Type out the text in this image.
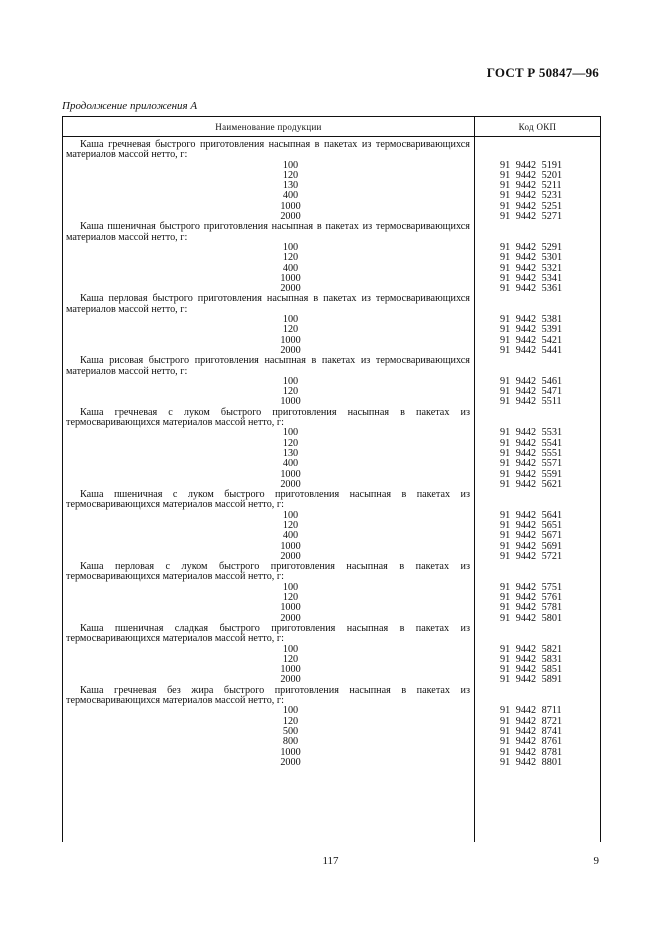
ГОСТ Р 50847—96
Продолжение приложения А
Наименование продукции	Код ОКП
Каша гречневая быстрого приготовления насыпная в пакетах из термосваривающихся материалов массой нетто, г:
100	91 9442 5191
120	91 9442 5201
130	91 9442 5211
400	91 9442 5231
1000	91 9442 5251
2000	91 9442 5271
Каша пшеничная быстрого приготовления насыпная в пакетах из термосваривающихся материалов массой нетто, г:
100	91 9442 5291
120	91 9442 5301
400	91 9442 5321
1000	91 9442 5341
2000	91 9442 5361
Каша перловая быстрого приготовления насыпная в пакетах из термосваривающихся материалов массой нетто, г:
100	91 9442 5381
120	91 9442 5391
1000	91 9442 5421
2000	91 9442 5441
Каша рисовая быстрого приготовления насыпная в пакетах из термосваривающихся материалов массой нетто, г:
100	91 9442 5461
120	91 9442 5471
1000	91 9442 5511
Каша гречневая с луком быстрого приготовления насыпная в пакетах из термосваривающихся материалов массой нетто, г:
100	91 9442 5531
120	91 9442 5541
130	91 9442 5551
400	91 9442 5571
1000	91 9442 5591
2000	91 9442 5621
Каша пшеничная с луком быстрого приготовления насыпная в пакетах из термосваривающихся материалов массой нетто, г:
100	91 9442 5641
120	91 9442 5651
400	91 9442 5671
1000	91 9442 5691
2000	91 9442 5721
Каша перловая с луком быстрого приготовления насыпная в пакетах из термосваривающихся материалов массой нетто, г:
100	91 9442 5751
120	91 9442 5761
1000	91 9442 5781
2000	91 9442 5801
Каша пшеничная сладкая быстрого приготовления насыпная в пакетах из термосваривающихся материалов массой нетто, г:
100	91 9442 5821
120	91 9442 5831
1000	91 9442 5851
2000	91 9442 5891
Каша гречневая без жира быстрого приготовления насыпная в пакетах из термосваривающихся материалов массой нетто, г:
100	91 9442 8711
120	91 9442 8721
500	91 9442 8741
800	91 9442 8761
1000	91 9442 8781
2000	91 9442 8801
117	9
